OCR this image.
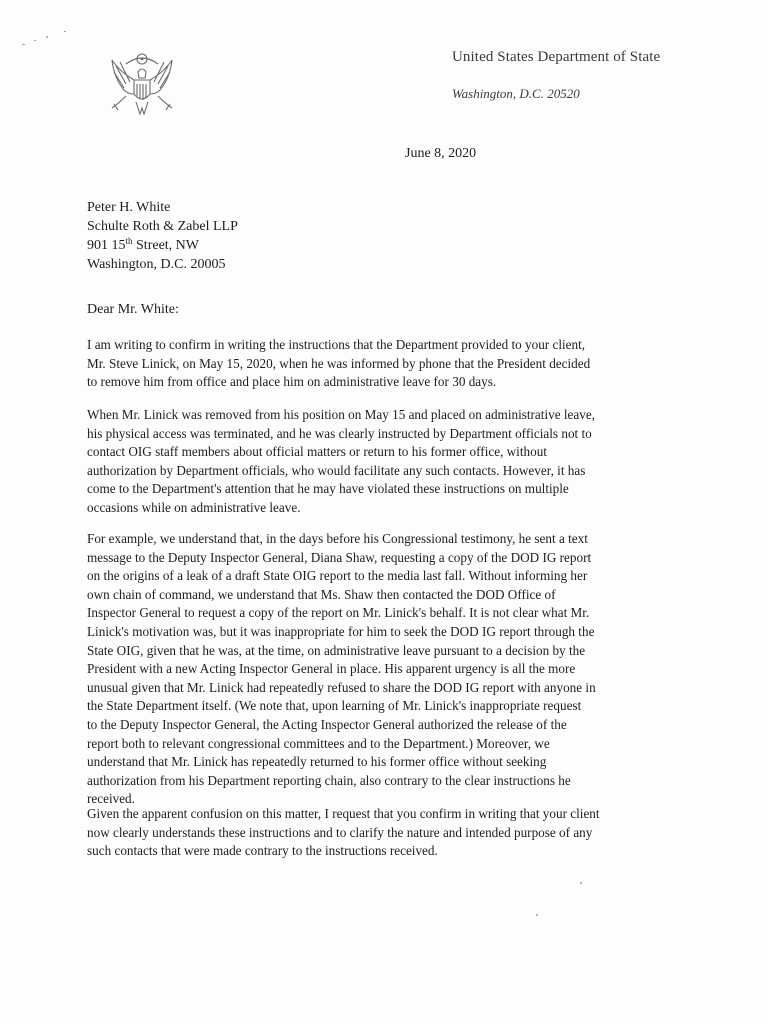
United States Department of State
Washington, D.C. 20520
June 8, 2020
Peter H. White
Schulte Roth & Zabel LLP
901 15th Street, NW
Washington, D.C. 20005
Dear Mr. White:
I am writing to confirm in writing the instructions that the Department provided to your client,
Mr. Steve Linick, on May 15, 2020, when he was informed by phone that the President decided
to remove him from office and place him on administrative leave for 30 days.
When Mr. Linick was removed from his position on May 15 and placed on administrative leave,
his physical access was terminated, and he was clearly instructed by Department officials not to
contact OIG staff members about official matters or return to his former office, without
authorization by Department officials, who would facilitate any such contacts. However, it has
come to the Department's attention that he may have violated these instructions on multiple
occasions while on administrative leave.
For example, we understand that, in the days before his Congressional testimony, he sent a text
message to the Deputy Inspector General, Diana Shaw, requesting a copy of the DOD IG report
on the origins of a leak of a draft State OIG report to the media last fall. Without informing her
own chain of command, we understand that Ms. Shaw then contacted the DOD Office of
Inspector General to request a copy of the report on Mr. Linick's behalf. It is not clear what Mr.
Linick's motivation was, but it was inappropriate for him to seek the DOD IG report through the
State OIG, given that he was, at the time, on administrative leave pursuant to a decision by the
President with a new Acting Inspector General in place. His apparent urgency is all the more
unusual given that Mr. Linick had repeatedly refused to share the DOD IG report with anyone in
the State Department itself. (We note that, upon learning of Mr. Linick's inappropriate request
to the Deputy Inspector General, the Acting Inspector General authorized the release of the
report both to relevant congressional committees and to the Department.) Moreover, we
understand that Mr. Linick has repeatedly returned to his former office without seeking
authorization from his Department reporting chain, also contrary to the clear instructions he
received.
Given the apparent confusion on this matter, I request that you confirm in writing that your client
now clearly understands these instructions and to clarify the nature and intended purpose of any
such contacts that were made contrary to the instructions received.
